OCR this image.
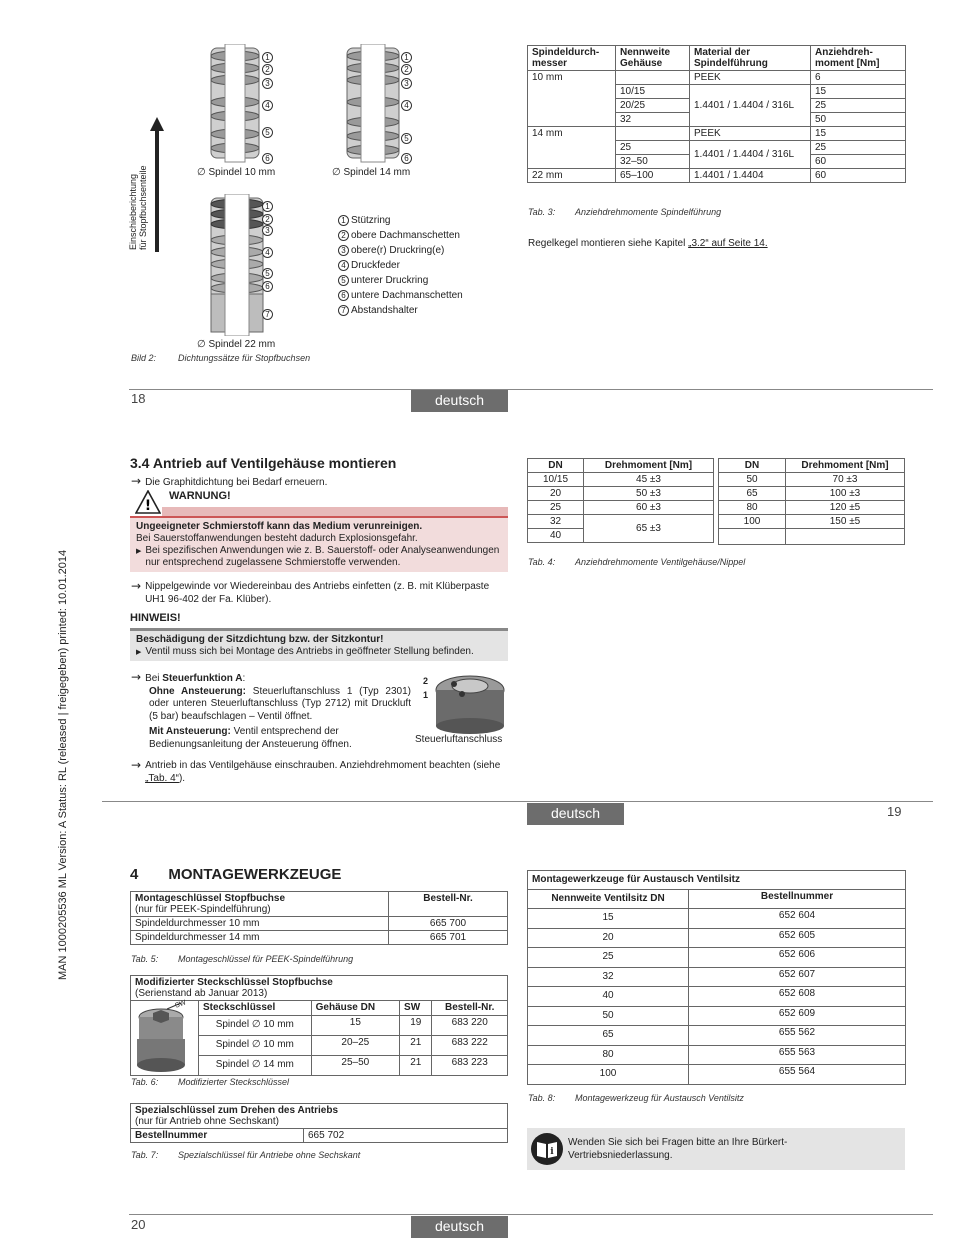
MAN 1000205536 ML Version: A Status: RL (released | freigegeben) printed: 10.01.2014
Einschieberichtung für Stopfbuchsenteile
1
2
3
4
5
6
1
2
3
4
5
6
1
2
3
4
5
6
7
∅ Spindel 10 mm	∅ Spindel 14 mm
∅ Spindel 22 mm
1 Stützring
2 obere Dachmanschetten
3 obere(r) Druckring(e)
4 Druckfeder
5 unterer Druckring
6 untere Dachmanschetten
7 Abstandshalter
Bild 2: Dichtungssätze für Stopfbuchsen
Spindeldurch-
messer	Nennweite Gehäuse	Material der Spindelführung	Anziehdreh-moment [Nm]
10 mm		PEEK	6
	10/15	1.4401 / 1.4404 / 316L	15
	20/25		25
	32		50
14 mm		PEEK	15
	25	1.4401 / 1.4404 / 316L	25
	32–50		60
22 mm	65–100	1.4401 / 1.4404	60
Tab. 3: Anziehdrehmomente Spindelführung
Regelkegel montieren siehe Kapitel „3.2“ auf Seite 14.
18	deutsch
3.4 Antrieb auf Ventilgehäuse montieren
→ Die Graphitdichtung bei Bedarf erneuern.
!
WARNUNG!
Ungeeigneter Schmierstoff kann das Medium verunreinigen.
Bei Sauerstoffanwendungen besteht dadurch Explosionsgefahr.
▶ Bei spezifischen Anwendungen wie z. B. Sauerstoff- oder Analyseanwendungen nur entsprechend zugelassene Schmierstoffe verwenden.
→ Nippelgewinde vor Wiedereinbau des Antriebs einfetten (z. B. mit Klüberpaste UH1 96-402 der Fa. Klüber).
HINWEIS!
Beschädigung der Sitzdichtung bzw. der Sitzkontur!
▶ Ventil muss sich bei Montage des Antriebs in geöffneter Stellung befinden.
→ Bei Steuerfunktion A:
Ohne Ansteuerung: Steuerluftanschluss 1 (Typ 2301) oder unteren Steuerluftanschluss (Typ 2712) mit Druckluft (5 bar) beaufschlagen – Ventil öffnet.
Mit Ansteuerung: Ventil entsprechend der Bedienungsanleitung der Ansteuerung öffnen.
2
1
Steuerluftanschluss
→ Antrieb in das Ventilgehäuse einschrauben. Anziehdrehmoment beachten (siehe „Tab. 4“).
DN	Drehmoment [Nm]
10/15	45 ±3
20	50 ±3
25	60 ±3
32	65 ±3
40	
DN	Drehmoment [Nm]
50	70 ±3
65	100 ±3
80	120 ±5
100	150 ±5

Tab. 4: Anziehdrehmomente Ventilgehäuse/Nippel
deutsch	19
4 MONTAGEWERKZEUGE
Montageschlüssel Stopfbuchse
(nur für PEEK-Spindelführung)	Bestell-Nr.
Spindeldurchmesser 10 mm	665 700
Spindeldurchmesser 14 mm	665 701
Tab. 5: Montageschlüssel für PEEK-Spindelführung
Modifizierter Steckschlüssel Stopfbuchse
(Serienstand ab Januar 2013)				

SW	Steckschlüssel	Gehäuse DN	SW	Bestell-Nr.
	Spindel ∅ 10 mm	15	19	683 220
	Spindel ∅ 10 mm	20–25	21	683 222
	Spindel ∅ 14 mm	25–50	21	683 223
Tab. 6: Modifizierter Steckschlüssel
Spezialschlüssel zum Drehen des Antriebs
(nur für Antrieb ohne Sechskant)
Bestellnummer	665 702
Tab. 7: Spezialschlüssel für Antriebe ohne Sechskant
Montagewerkzeuge für Austausch Ventilsitz	
Nennweite Ventilsitz DN	Bestellnummer
15	652 604
20	652 605
25	652 606
32	652 607
40	652 608
50	652 609
65	655 562
80	655 563
100	655 564
Tab. 8: Montagewerkzeug für Austausch Ventilsitz
i
Wenden Sie sich bei Fragen bitte an Ihre Bürkert-Vertriebsniederlassung.
20	deutsch
